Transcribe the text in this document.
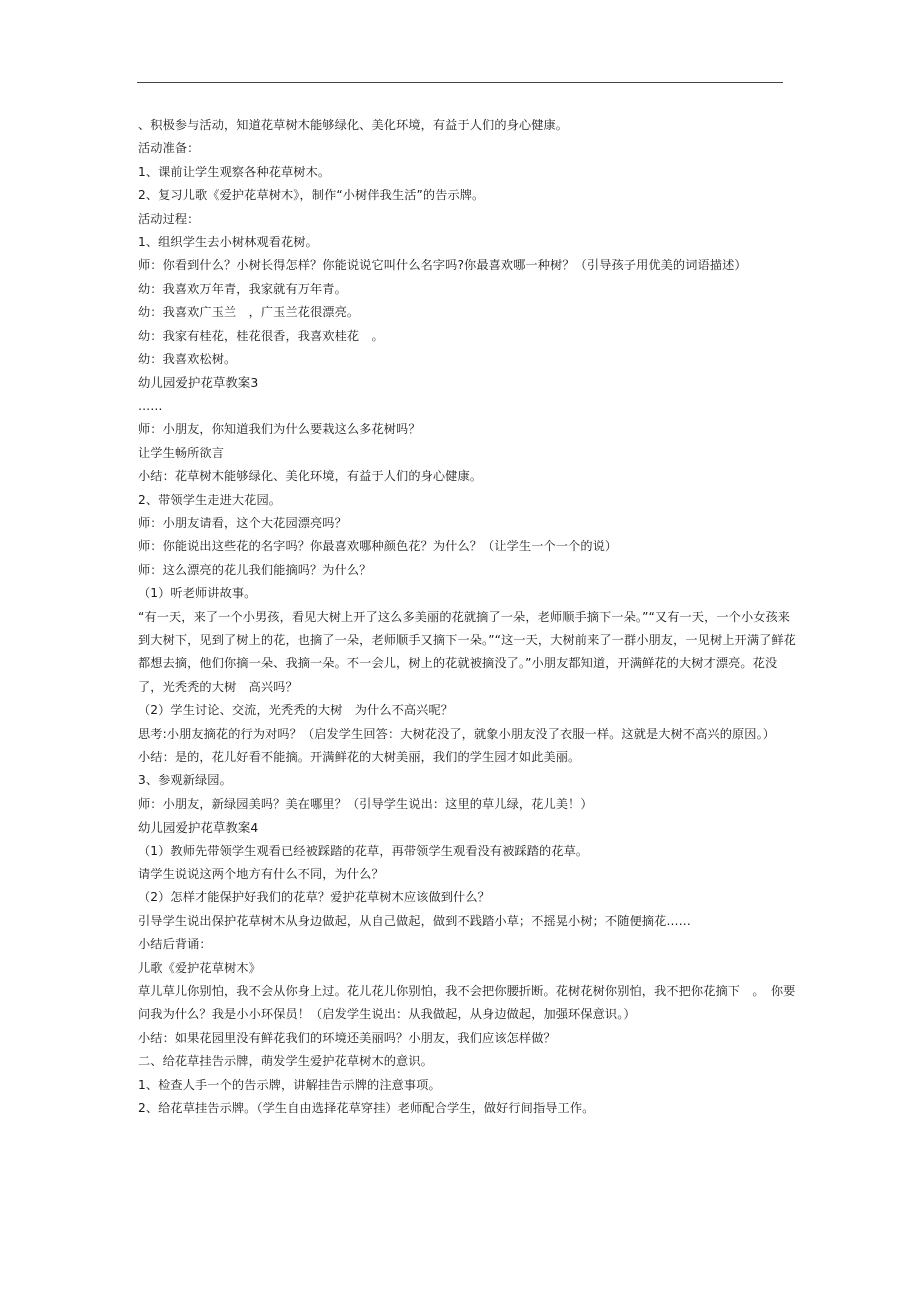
、积极参与活动，知道花草树木能够绿化、美化环境，有益于人们的身心健康。
活动准备：
1、课前让学生观察各种花草树木。
2、复习儿歌《爱护花草树木》，制作“小树伴我生活”的告示牌。
活动过程：
1、组织学生去小树林观看花树。
师：你看到什么？小树长得怎样？你能说说它叫什么名字吗?你最喜欢哪一种树？（引导孩子用优美的词语描述）
幼：我喜欢万年青，我家就有万年青。
幼：我喜欢广玉兰　，广玉兰花很漂亮。
幼：我家有桂花，桂花很香，我喜欢桂花　。
幼：我喜欢松树。
幼儿园爱护花草教案3
……
师：小朋友，你知道我们为什么要栽这么多花树吗？
让学生畅所欲言
小结：花草树木能够绿化、美化环境，有益于人们的身心健康。
2、带领学生走进大花园。
师：小朋友请看，这个大花园漂亮吗？
师：你能说出这些花的名字吗？你最喜欢哪种颜色花？为什么？（让学生一个一个的说）
师：这么漂亮的花儿我们能摘吗？为什么？
（1）听老师讲故事。
“有一天，来了一个小男孩，看见大树上开了这么多美丽的花就摘了一朵，老师顺手摘下一朵。”“又有一天，一个小女孩来到大树下，见到了树上的花，也摘了一朵，老师顺手又摘下一朵。”“这一天，大树前来了一群小朋友，一见树上开满了鲜花都想去摘，他们你摘一朵、我摘一朵。不一会儿，树上的花就被摘没了。”小朋友都知道，开满鲜花的大树才漂亮。花没了，光秃秃的大树　高兴吗？
（2）学生讨论、交流，光秃秃的大树　为什么不高兴呢？
思考:小朋友摘花的行为对吗？（启发学生回答：大树花没了，就象小朋友没了衣服一样。这就是大树不高兴的原因。）
小结：是的，花儿好看不能摘。开满鲜花的大树美丽，我们的学生园才如此美丽。
3、参观新绿园。
师：小朋友，新绿园美吗？美在哪里？（引导学生说出：这里的草儿绿，花儿美！）
幼儿园爱护花草教案4
（1）教师先带领学生观看已经被踩踏的花草，再带领学生观看没有被踩踏的花草。
请学生说说这两个地方有什么不同，为什么？
（2）怎样才能保护好我们的花草？爱护花草树木应该做到什么？
引导学生说出保护花草树木从身边做起，从自己做起，做到不践踏小草；不摇晃小树；不随便摘花……
小结后背诵：
儿歌《爱护花草树木》
草儿草儿你别怕，我不会从你身上过。花儿花儿你别怕，我不会把你腰折断。花树花树你别怕，我不把你花摘下　。　你要问我为什么？我是小小环保员！（启发学生说出：从我做起，从身边做起，加强环保意识。）
小结：如果花园里没有鲜花我们的环境还美丽吗？小朋友，我们应该怎样做？
二、给花草挂告示牌，萌发学生爱护花草树木的意识。
1、检查人手一个的告示牌，讲解挂告示牌的注意事项。
2、给花草挂告示牌。（学生自由选择花草穿挂）老师配合学生，做好行间指导工作。
